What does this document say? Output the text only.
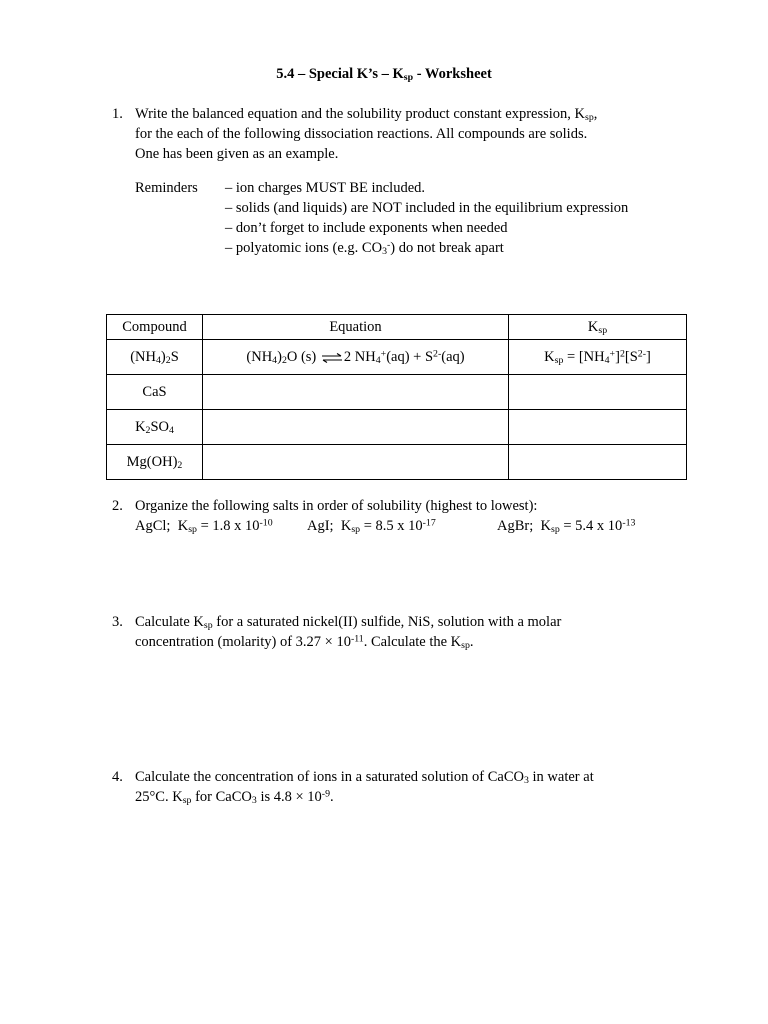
5.4 – Special K’s – $K_{sp}$ - Worksheet
1. Write the balanced equation and the solubility product constant expression, $K_{sp}$,
for the each of the following dissociation reactions. All compounds are solids.
One has been given as an example.
Reminders – ion charges MUST BE included.
– solids (and liquids) are NOT included in the equilibrium expression
– don’t forget to include exponents when needed
– polyatomic ions (e.g. $CO_3^-$) do not break apart
Compound	Equation	$K_{sp}$
$(NH_4)_2S$	$(NH_4)_2O$ (s) ⇌2 $NH_4^+(aq) + S^{2-}(aq)$	$K_{sp} = [NH_4^+]^2[S^{2-}]$
CaS		
$K_2SO_4$		
$Mg(OH)_2$		
2. Organize the following salts in order of solubility (highest to lowest):
AgCl; $K_{sp} = 1.8$ x $10^{-10}$ AgI; $K_{sp} = 8.5$ x $10^{-17}$	AgBr; $K_{sp} = 5.4$ x $10^{-13}$
3. Calculate $K_{sp}$ for a saturated nickel(II) sulfide, NiS, solution with a molar
concentration (molarity) of $3.27 \times 10^{-11}$. Calculate the $K_{sp}$.
4. Calculate the concentration of ions in a saturated solution of CaCO$_3$ in water at
25°C. $K_{sp}$ for CaCO$_3$ is $4.8 \times 10^{-9}$.
